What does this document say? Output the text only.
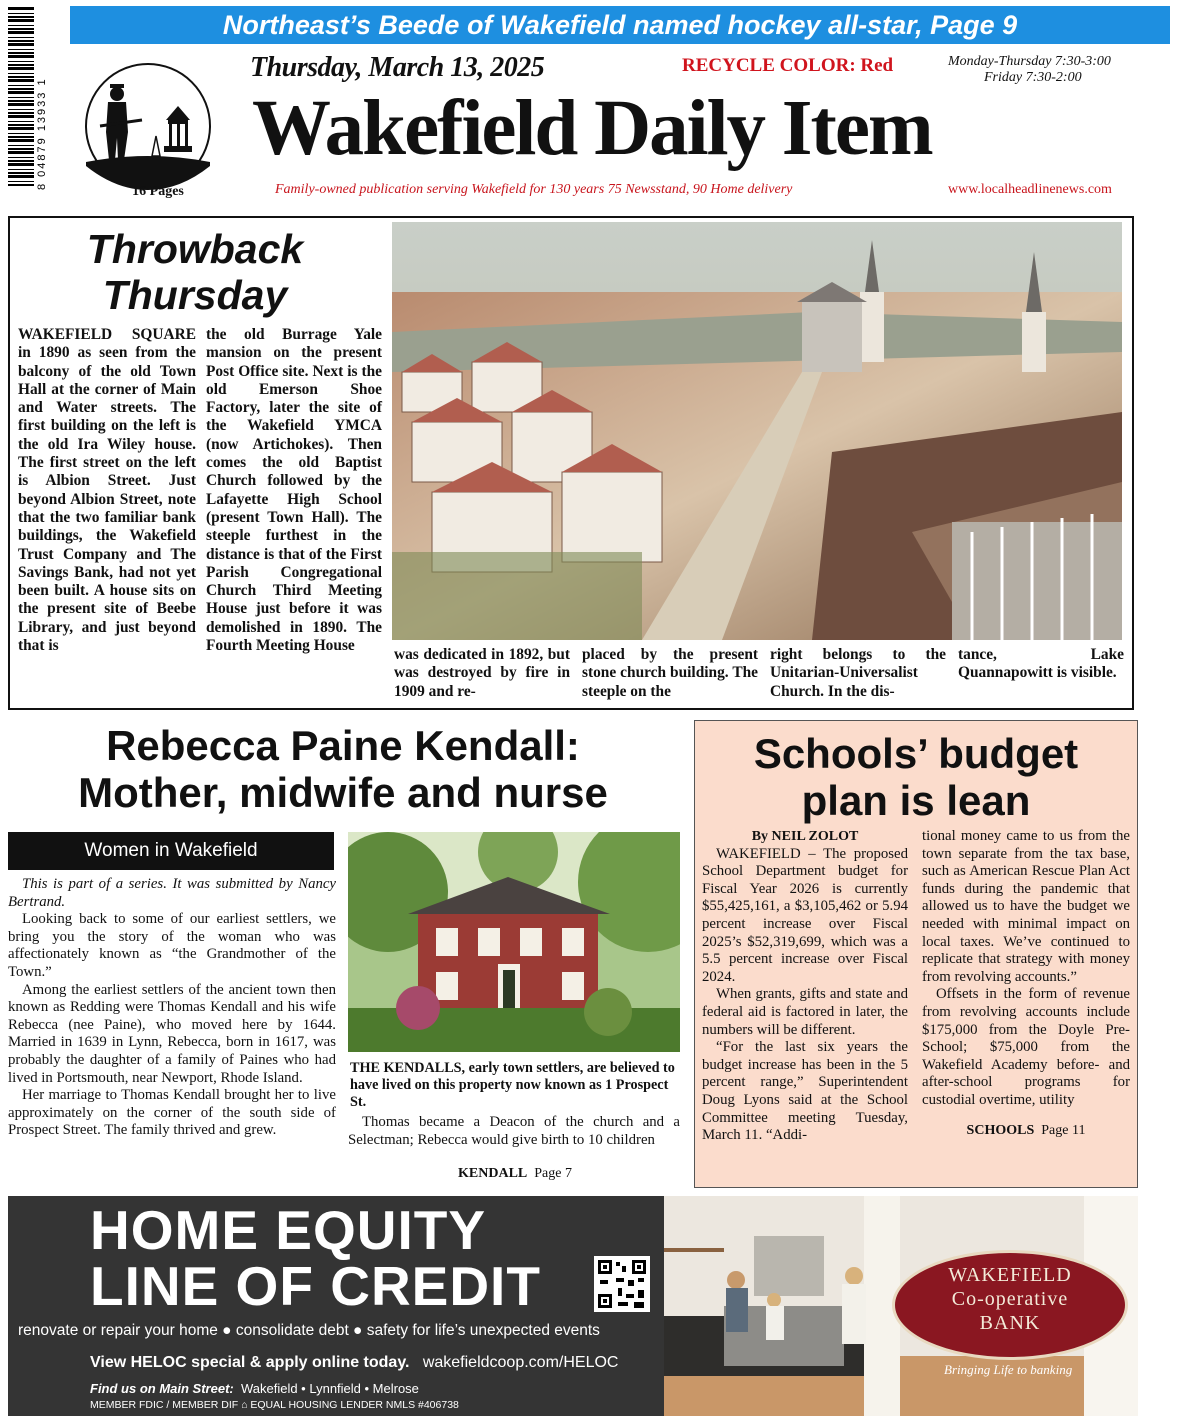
Northeast’s Beede of Wakefield named hockey all-star, Page 9
8 04879 13933 1
16 Pages
Thursday, March 13, 2025	RECYCLE COLOR: Red	Monday-Thursday 7:30-3:00
Friday 7:30-2:00
Wakefield Daily Item
Family-owned publication serving Wakefield for 130 years 75 Newsstand, 90 Home delivery	www.localheadlinenews.com
Throwback
Thursday
WAKEFIELD SQUARE in 1890 as seen from the balcony of the old Town Hall at the corner of Main and Water streets. The first building on the left is the old Ira Wiley house. The first street on the left is Albion Street. Just beyond Albion Street, note that the two familiar bank buildings, the Wakefield Trust Company and The Savings Bank, had not yet been built. A house sits on the present site of Beebe Library, and just beyond that is
the old Burrage Yale mansion on the present Post Office site. Next is the old Emerson Shoe Factory, later the site of the Wakefield YMCA (now Artichokes). Then comes the old Baptist Church followed by the Lafayette High School (present Town Hall). The steeple furthest in the distance is that of the First Parish Congregational Church Third Meeting House just before it was demolished in 1890. The Fourth Meeting House
was dedicated in 1892, but was destroyed by fire in 1909 and re-
placed by the present stone church building. The steeple on the
right belongs to the Unitarian-Universalist Church. In the dis-
tance, Lake Quannapowitt is visible.
Rebecca Paine Kendall:
Mother, midwife and nurse
Women in Wakefield

This is part of a series. It was submitted by Nancy Bertrand.

Looking back to some of our earliest settlers, we bring you the story of the woman who was affectionately known as “the Grandmother of the Town.”

Among the earliest settlers of the ancient town then known as Redding were Thomas Kendall and his wife Rebecca (nee Paine), who moved here by 1644. Married in 1639 in Lynn, Rebecca, born in 1617, was probably the daughter of a family of Paines who had lived in Portsmouth, near Newport, Rhode Island.

Her marriage to Thomas Kendall brought her to live approximately on the corner of the south side of Prospect Street. The family thrived and grew.

THE KENDALLS, early town settlers, are believed to have lived on this property now known as 1 Prospect St.

Thomas became a Deacon of the church and a Selectman; Rebecca would give birth to 10 children

KENDALL Page 7
Schools’ budget
plan is lean
By NEIL ZOLOT

WAKEFIELD – The proposed School Department budget for Fiscal Year 2026 is currently $55,425,161, a $3,105,462 or 5.94 percent increase over Fiscal 2025’s $52,319,699, which was a 5.5 percent increase over Fiscal 2024.

When grants, gifts and state and federal aid is factored in later, the numbers will be different.

“For the last six years the budget increase has been in the 5 percent range,” Superintendent Doug Lyons said at the School Committee meeting Tuesday, March 11. “Addi-

tional money came to us from the town separate from the tax base, such as American Rescue Plan Act funds during the pandemic that allowed us to have the budget we needed with minimal impact on local taxes. We’ve continued to replicate that strategy with money from revolving accounts.”

Offsets in the form of revenue from revolving accounts include $175,000 from the Doyle Pre-School; $75,000 from the Wakefield Academy before- and after-school programs for custodial overtime, utility

SCHOOLS Page 11
HOME EQUITY
LINE OF CREDIT
renovate or repair your home ● consolidate debt ● safety for life’s unexpected events
View HELOC special & apply online today. wakefieldcoop.com/HELOC
Find us on Main Street: Wakefield • Lynnfield • Melrose
MEMBER FDIC / MEMBER DIF ⌂ EQUAL HOUSING LENDER NMLS #406738
WAKEFIELD
Co-operative
BANK
Bringing Life to banking
